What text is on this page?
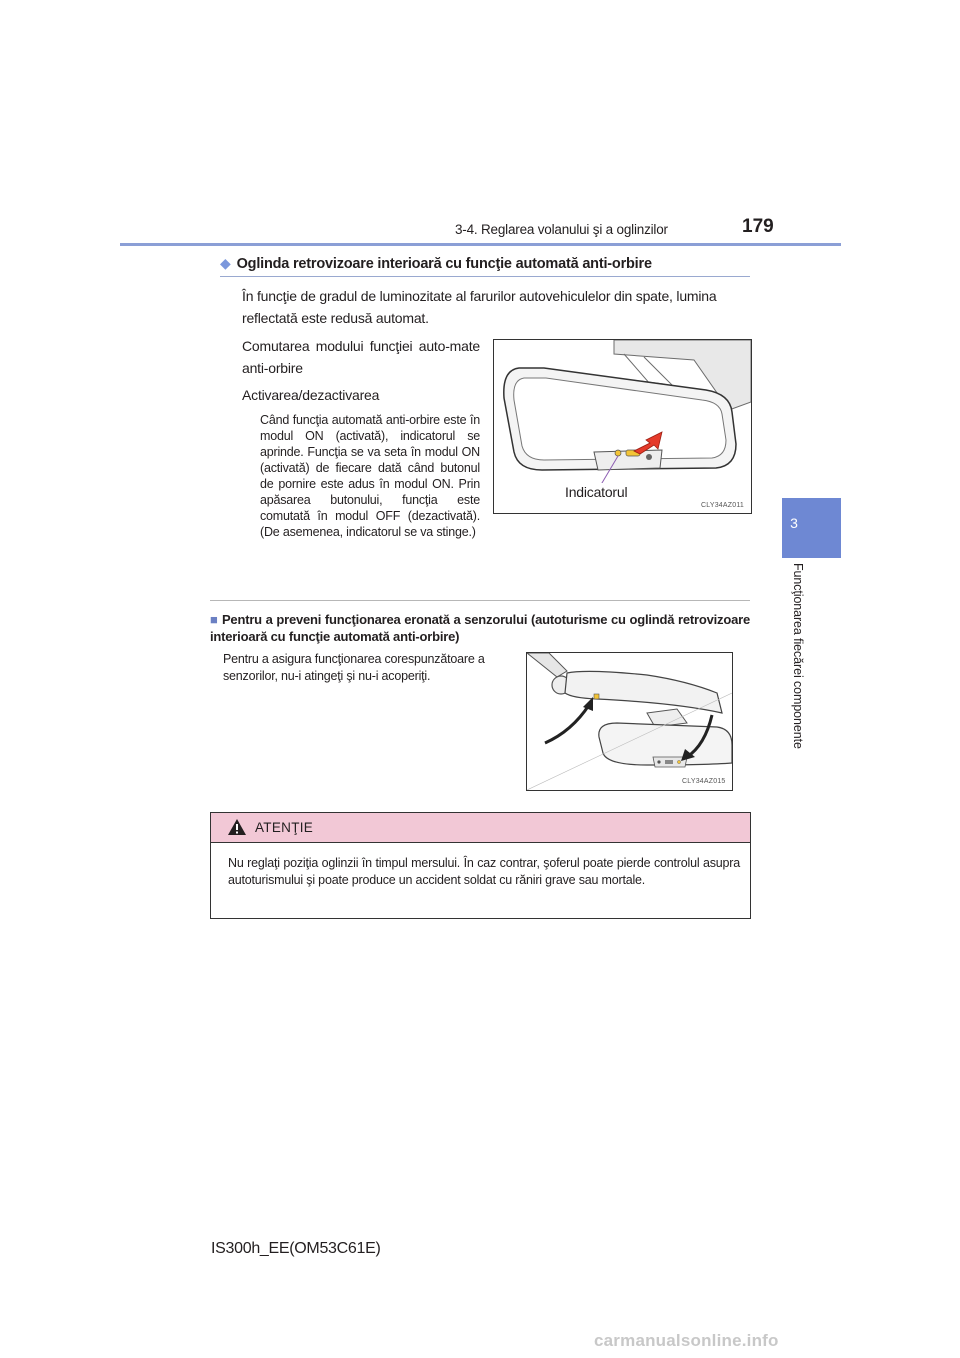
3-4. Reglarea volanului şi a oglinzilor	179
3
Funcţionarea fiecărei componente
◆ Oglinda retrovizoare interioară cu funcţie automată anti-orbire
În funcţie de gradul de luminozitate al farurilor autovehiculelor din spate, lumina reflectată este redusă automat.
Comutarea modului funcţiei auto-mate anti-orbire
Activarea/dezactivarea
Când funcţia automată anti-orbire este în modul ON (activată), indicatorul se aprinde. Funcţia se va seta în modul ON (activată) de fiecare dată când butonul de pornire este adus în modul ON. Prin apăsarea butonului, funcţia este comutată în modul OFF (dezactivată). (De asemenea, indicatorul se va stinge.)
Indicatorul
CLY34AZ011
■ Pentru a preveni funcţionarea eronată a senzorului (autoturisme cu oglindă retrovizoare interioară cu funcţie automată anti-orbire)
Pentru a asigura funcţionarea corespunzătoare a senzorilor, nu-i atingeţi şi nu-i acoperiţi.
CLY34AZ015
ATENŢIE
Nu reglaţi poziţia oglinzii în timpul mersului. În caz contrar, şoferul poate pierde controlul asupra autoturismului şi poate produce un accident soldat cu răniri grave sau mortale.
IS300h_EE(OM53C61E)
carmanualsonline.info
